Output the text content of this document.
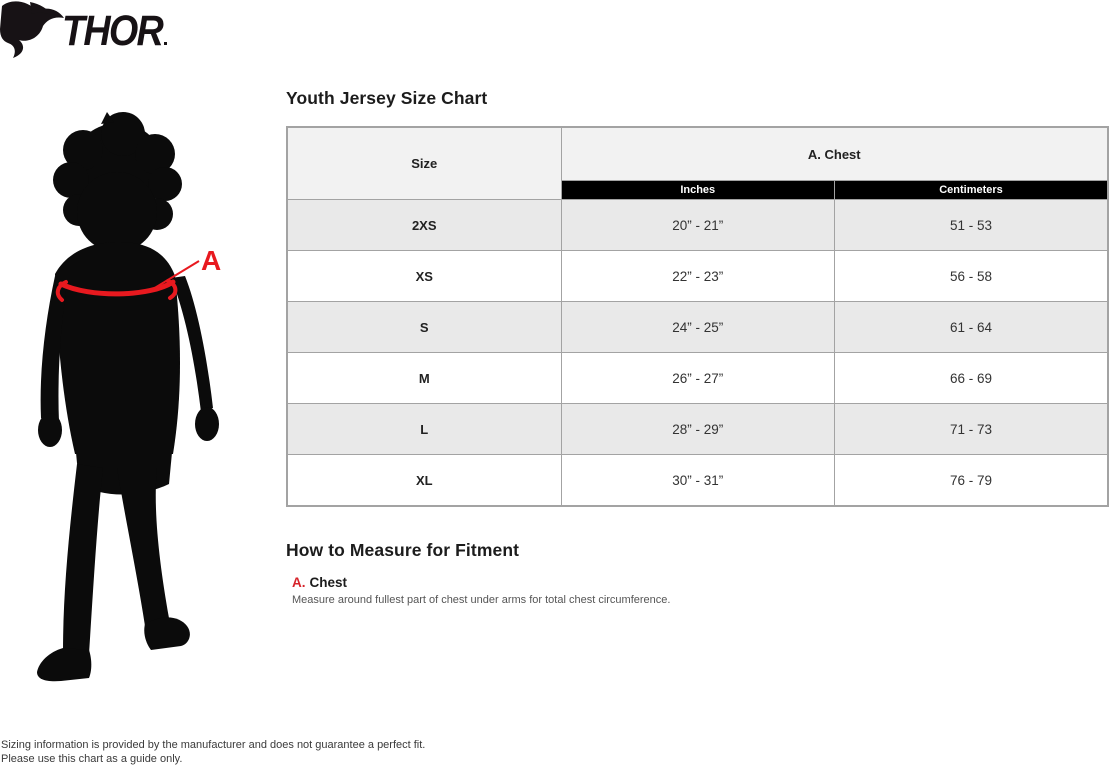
THOR
A
Youth Jersey Size Chart
Size	A. Chest	
	Inches	Centimeters
2XS	20” - 21”	51 - 53
XS	22” - 23”	56 - 58
S	24” - 25”	61 - 64
M	26” - 27”	66 - 69
L	28” - 29”	71 - 73
XL	30” - 31”	76 - 79
How to Measure for Fitment
A. Chest
Measure around fullest part of chest under arms for total chest circumference.
Sizing information is provided by the manufacturer and does not guarantee a perfect fit.
Please use this chart as a guide only.
